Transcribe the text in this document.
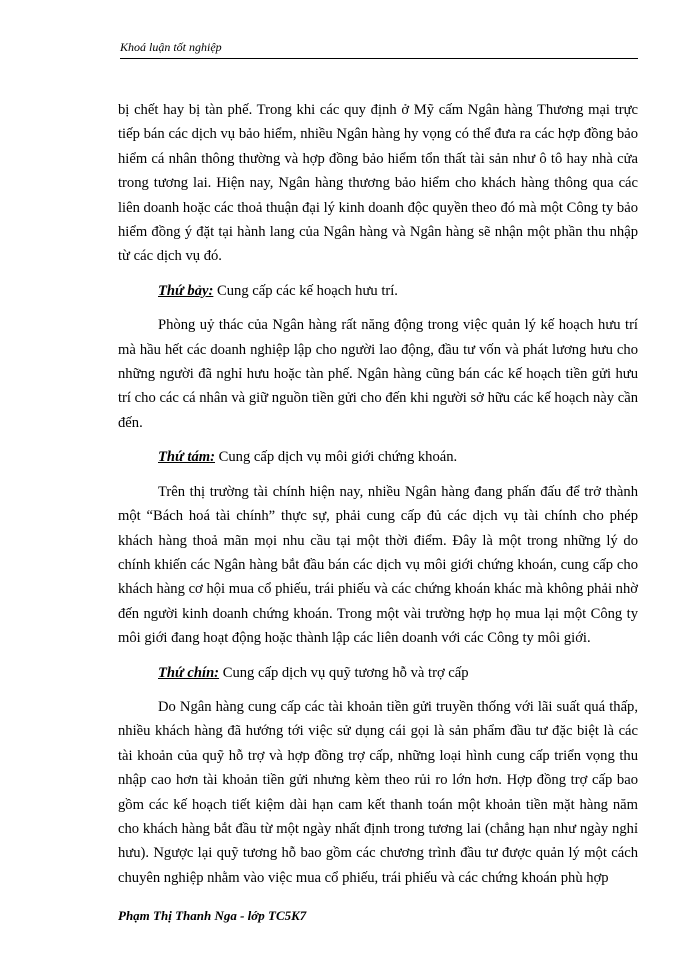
Khoá luận tốt nghiệp

bị chết hay bị tàn phế. Trong khi các quy định ở Mỹ cấm Ngân hàng Thương mại trực tiếp bán các dịch vụ bảo hiểm, nhiều Ngân hàng hy vọng có thể đưa ra các hợp đồng bảo hiểm cá nhân thông thường và hợp đồng bảo hiểm tổn thất tài sản như ô tô hay nhà cửa trong tương lai. Hiện nay, Ngân hàng thương bảo hiểm cho khách hàng thông qua các liên doanh hoặc các thoả thuận đại lý kinh doanh độc quyền theo đó mà một Công ty bảo hiểm đồng ý đặt tại hành lang của Ngân hàng và Ngân hàng sẽ nhận một phần thu nhập từ các dịch vụ đó.

Thứ bảy: Cung cấp các kế hoạch hưu trí.

Phòng uỷ thác của Ngân hàng rất năng động trong việc quản lý kế hoạch hưu trí mà hầu hết các doanh nghiệp lập cho người lao động, đầu tư vốn và phát lương hưu cho những người đã nghỉ hưu hoặc tàn phế. Ngân hàng cũng bán các kế hoạch tiền gửi hưu trí cho các cá nhân và giữ nguồn tiền gửi cho đến khi người sở hữu các kế hoạch này cần đến.

Thứ tám: Cung cấp dịch vụ môi giới chứng khoán.

Trên thị trường tài chính hiện nay, nhiều Ngân hàng đang phấn đấu để trở thành một “Bách hoá tài chính” thực sự, phải cung cấp đủ các dịch vụ tài chính cho phép khách hàng thoả mãn mọi nhu cầu tại một thời điểm. Đây là một trong những lý do chính khiến các Ngân hàng bắt đầu bán các dịch vụ môi giới chứng khoán, cung cấp cho khách hàng cơ hội mua cổ phiếu, trái phiếu và các chứng khoán khác mà không phải nhờ đến người kinh doanh chứng khoán. Trong một vài trường hợp họ mua lại một Công ty môi giới đang hoạt động hoặc thành lập các liên doanh với các Công ty môi giới.

Thứ chín: Cung cấp dịch vụ quỹ tương hỗ và trợ cấp

Do Ngân hàng cung cấp các tài khoản tiền gửi truyền thống với lãi suất quá thấp, nhiều khách hàng đã hướng tới việc sử dụng cái gọi là sản phẩm đầu tư đặc biệt là các tài khoản của quỹ hỗ trợ và hợp đồng trợ cấp, những loại hình cung cấp triển vọng thu nhập cao hơn tài khoản tiền gửi nhưng kèm theo rủi ro lớn hơn. Hợp đồng trợ cấp bao gồm các kế hoạch tiết kiệm dài hạn cam kết thanh toán một khoản tiền mặt hàng năm cho khách hàng bắt đầu từ một ngày nhất định trong tương lai (chẳng hạn như ngày nghỉ hưu). Ngược lại quỹ tương hỗ bao gồm các chương trình đầu tư được quản lý một cách chuyên nghiệp nhằm vào việc mua cổ phiếu, trái phiếu và các chứng khoán phù hợp

Phạm Thị Thanh Nga - lớp TC5K7
